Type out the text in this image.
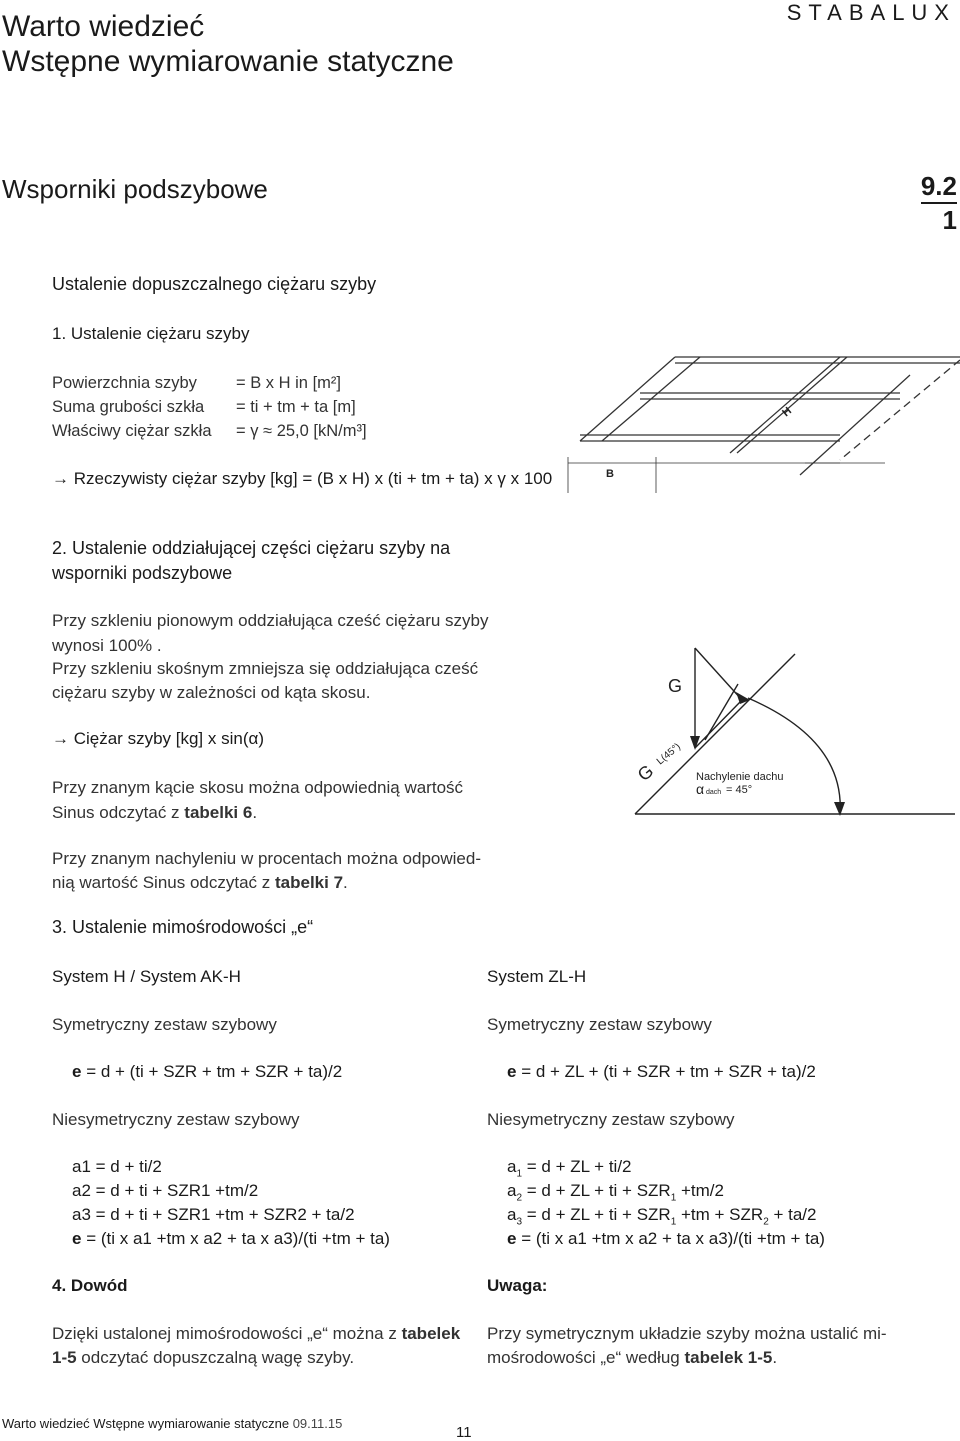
Warto wiedzieć
Wstępne wymiarowanie statyczne
STABALUX
Wsporniki podszybowe	9.2
1
Ustalenie dopuszczalnego ciężaru szyby
1. Ustalenie ciężaru szyby
Powierzchnia szyby = B x H in [m²]
Suma grubości szkła = ti + tm + ta [m]
Właściwy ciężar szkła = γ ≈ 25,0 [kN/m³]
→ Rzeczywisty ciężar szyby [kg] = (B x H) x (ti + tm + ta) x γ x 100	B
H
2. Ustalenie oddziałującej części ciężaru szyby na
wsporniki podszybowe
Przy szkleniu pionowym oddziałująca cześć ciężaru szyby
wynosi 100% .
Przy szkleniu skośnym zmniejsza się oddziałująca cześć
ciężaru szyby w zależności od kąta skosu.
→ Ciężar szyby [kg] x sin(α)
Przy znanym kącie skosu można odpowiednią wartość
Sinus odczytać z tabelki 6.
G
G
L(45°)
Nachylenie dachu
α dach = 45°
Przy znanym nachyleniu w procentach można odpowied-
nią wartość Sinus odczytać z tabelki 7.
3. Ustalenie mimośrodowości „e“
System H / System AK-H
Symetryczny zestaw szybowy
e = d + (ti + SZR + tm + SZR + ta)/2
Niesymetryczny zestaw szybowy
a1 = d + ti/2
a2 = d + ti + SZR1 +tm/2
a3 = d + ti + SZR1 +tm + SZR2 + ta/2
e = (ti x a1 +tm x a2 + ta x a3)/(ti +tm + ta)
4. Dowód
Dzięki ustalonej mimośrodowości „e“ można z tabelek
1-5 odczytać dopuszczalną wagę szyby.
System ZL-H
Symetryczny zestaw szybowy
e = d + ZL + (ti + SZR + tm + SZR + ta)/2
Niesymetryczny zestaw szybowy
$a_1 = d$ + ZL + ti/2
$a_2 = d$ + ZL + ti + $SZR_1 +tm/2$
$a_3 = d$ + ZL + ti + $SZR_1 +tm + SZR_2 + ta/2$
e = (ti x a1 +tm x a2 + ta x a3)/(ti +tm + ta)
Uwaga:
Przy symetrycznym układzie szyby można ustalić mi-
mośrodowości „e“ według tabelek 1-5.
Warto wiedzieć Wstępne wymiarowanie statyczne 09.11.15
11
